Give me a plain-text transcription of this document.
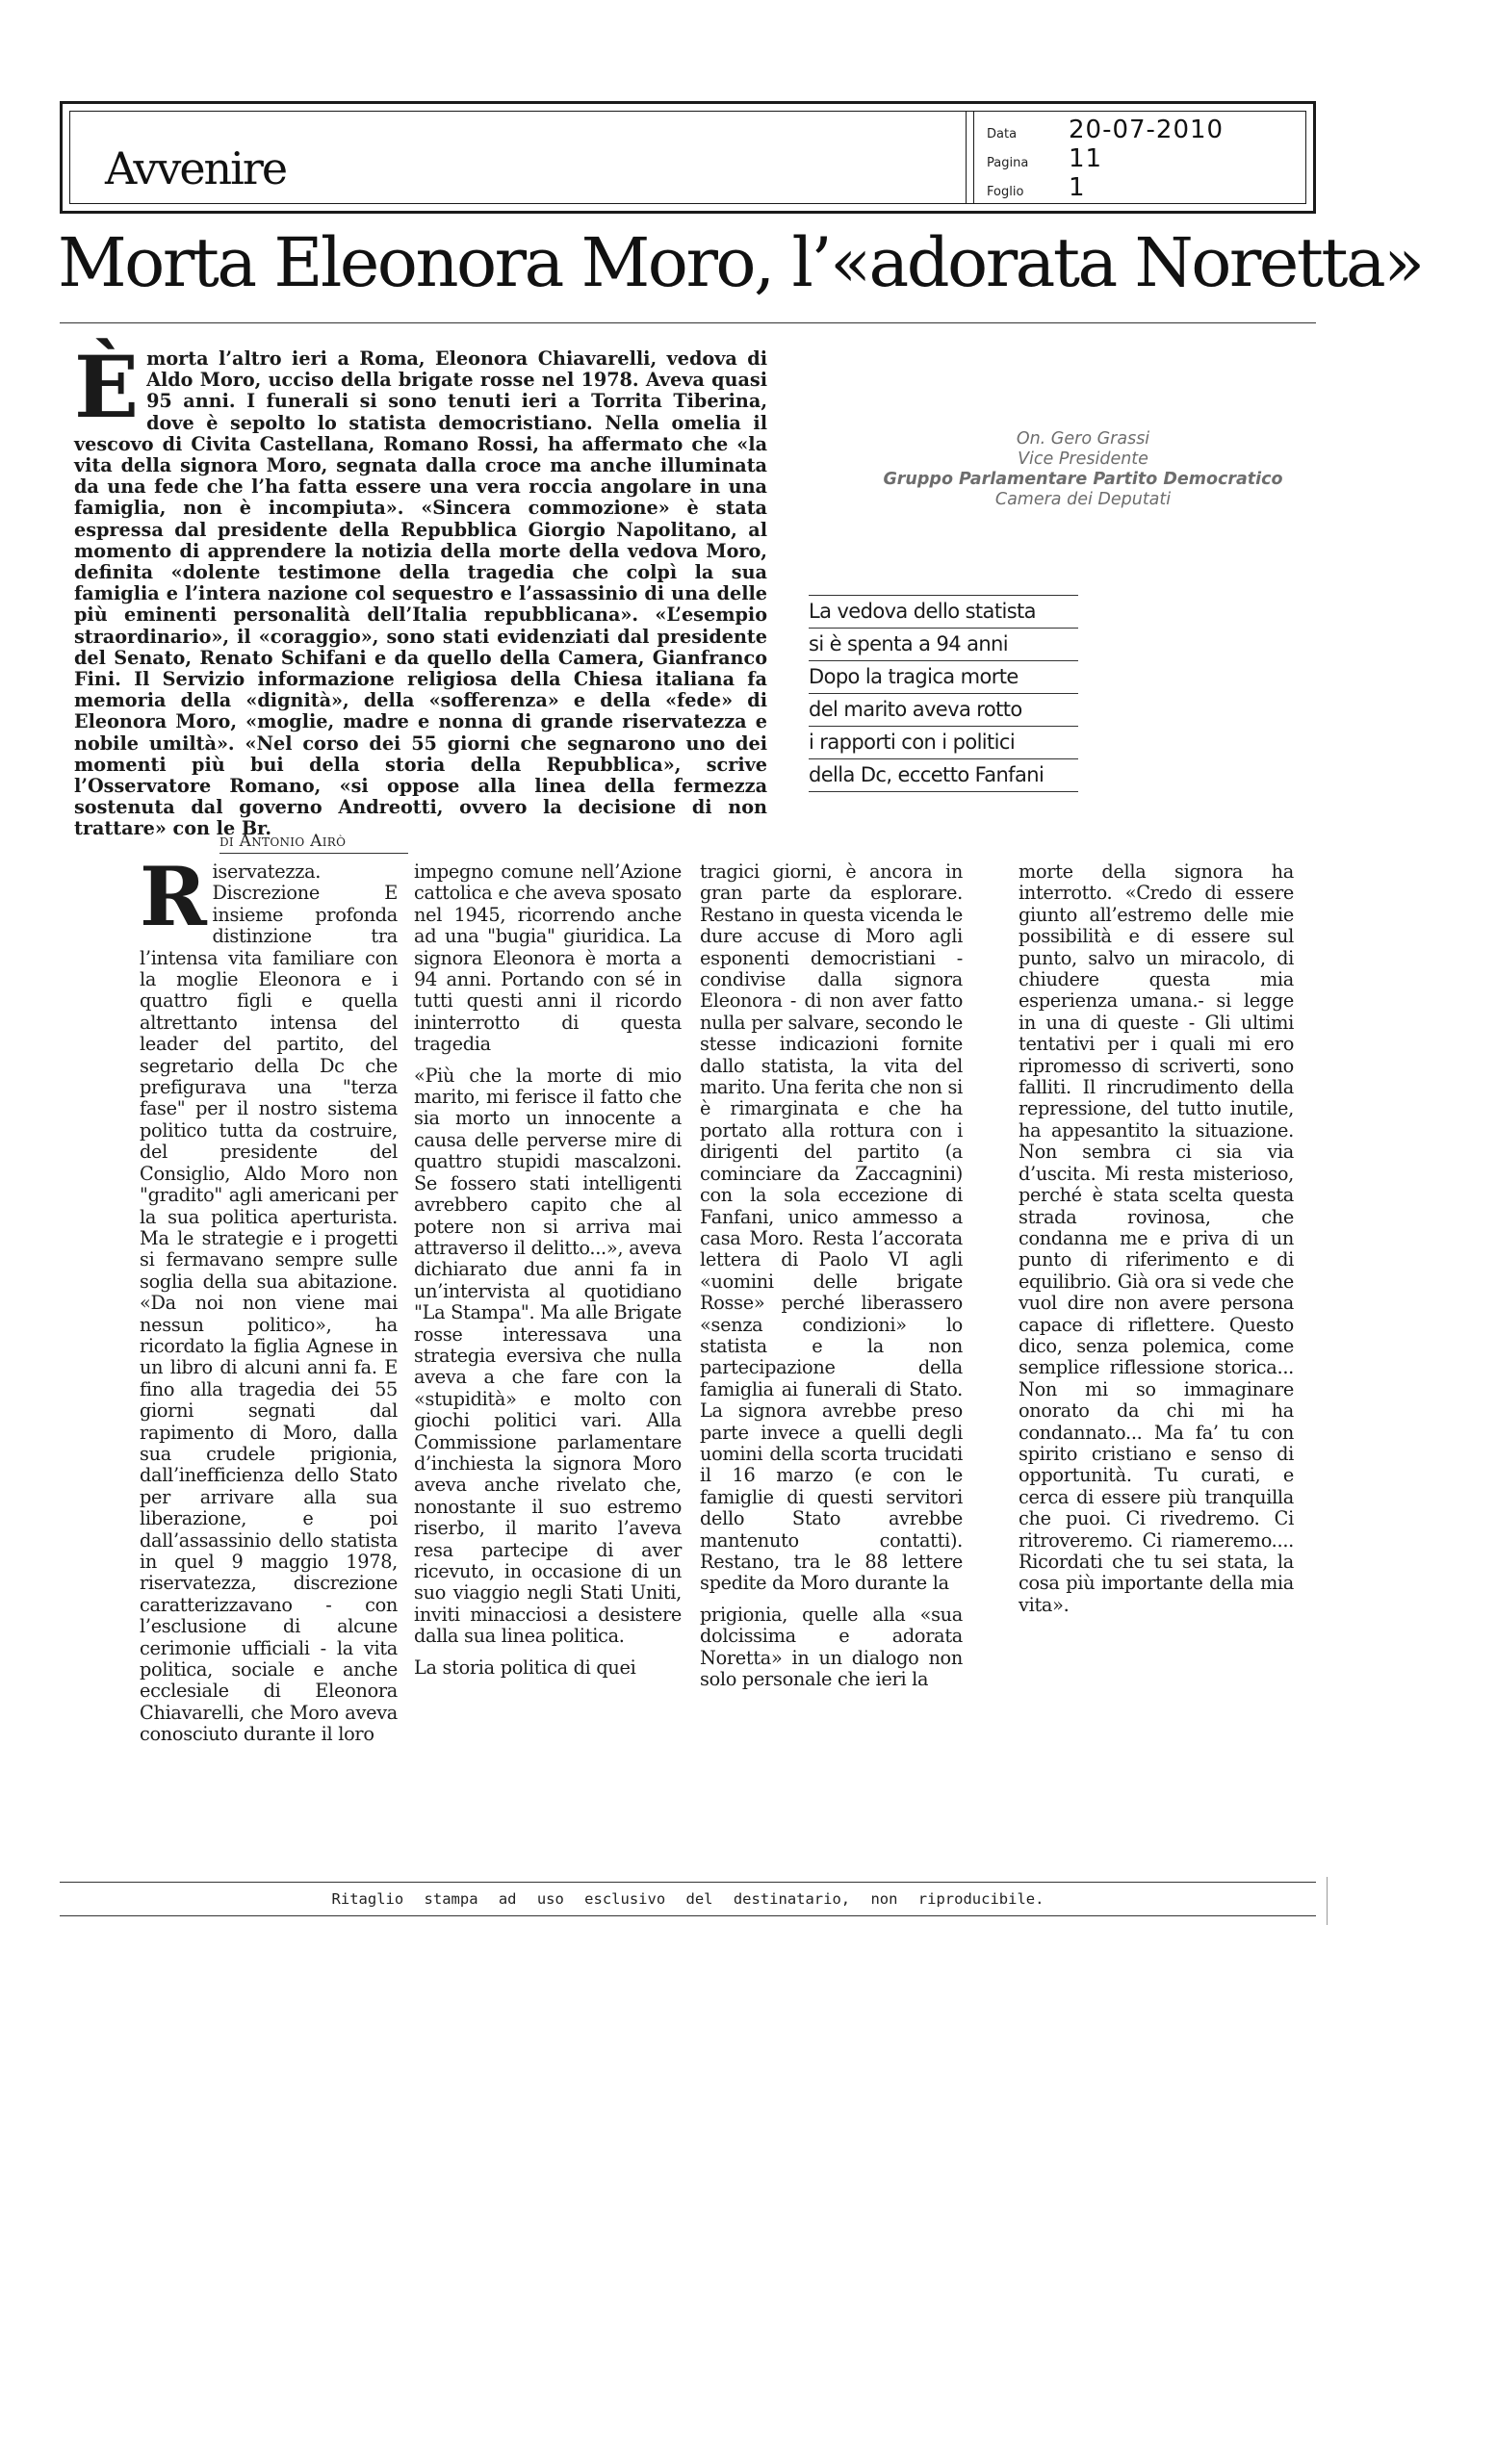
Avvenire
Data	20-07-2010
Pagina	11
Foglio	1
Morta Eleonora Moro, l’«adorata Noretta»
È morta l’altro ieri a Roma, Eleonora Chiavarelli, vedova di Aldo Moro, ucciso della brigate rosse nel 1978. Aveva quasi 95 anni. I funerali si sono tenuti ieri a Torrita Tiberina, dove è sepolto lo statista democristiano. Nella omelia il vescovo di Civita Castellana, Romano Rossi, ha affermato che «la vita della signora Moro, segnata dalla croce ma anche illuminata da una fede che l’ha fatta essere una vera roccia angolare in una famiglia, non è incompiuta». «Sincera commozione» è stata espressa dal presidente della Repubblica Giorgio Napolitano, al momento di apprendere la notizia della morte della vedova Moro, definita «dolente testimone della tragedia che colpì la sua famiglia e l’intera nazione col sequestro e l’assassinio di una delle più eminenti personalità dell’Italia repubblicana». «L’esempio straordinario», il «coraggio», sono stati evidenziati dal presidente del Senato, Renato Schifani e da quello della Camera, Gianfranco Fini. Il Servizio informazione religiosa della Chiesa italiana fa memoria della «dignità», della «sofferenza» e della «fede» di Eleonora Moro, «moglie, madre e nonna di grande riservatezza e nobile umiltà». «Nel corso dei 55 giorni che segnarono uno dei momenti più bui della storia della Repubblica», scrive l’Osservatore Romano, «si oppose alla linea della fermezza sostenuta dal governo Andreotti, ovvero la decisione di non trattare» con le Br.
On. Gero Grassi
Vice Presidente
Gruppo Parlamentare Partito Democratico
Camera dei Deputati
La vedova dello statista
si è spenta a 94 anni
Dopo la tragica morte
del marito aveva rotto
i rapporti con i politici
della Dc, eccetto Fanfani
di Antonio Airò

R iservatezza. Discrezione E insieme profonda distinzione tra l’intensa vita familiare con la moglie Eleonora e i quattro figli e quella altrettanto intensa del leader del partito, del segretario della Dc che prefigurava una "terza fase" per il nostro sistema politico tutta da costruire, del presidente del Consiglio, Aldo Moro non "gradito" agli americani per la sua politica aperturista. Ma le strategie e i progetti si fermavano sempre sulle soglia della sua abitazione. «Da noi non viene mai nessun politico», ha ricordato la figlia Agnese in un libro di alcuni anni fa. E fino alla tragedia dei 55 giorni segnati dal rapimento di Moro, dalla sua crudele prigionia, dall’inefficienza dello Stato per arrivare alla sua liberazione, e poi dall’assassinio dello statista in quel 9 maggio 1978, riservatezza, discrezione caratterizzavano - con l’esclusione di alcune cerimonie ufficiali - la vita politica, sociale e anche ecclesiale di Eleonora Chiavarelli, che Moro aveva conosciuto durante il loro

impegno comune nell’Azione cattolica e che aveva sposato nel 1945, ricorrendo anche ad una "bugia" giuridica. La signora Eleonora è morta a 94 anni. Portando con sé in tutti questi anni il ricordo ininterrotto di questa tragedia

«Più che la morte di mio marito, mi ferisce il fatto che sia morto un innocente a causa delle perverse mire di quattro stupidi mascalzoni. Se fossero stati intelligenti avrebbero capito che al potere non si arriva mai attraverso il delitto...», aveva dichiarato due anni fa in un’intervista al quotidiano "La Stampa". Ma alle Brigate rosse interessava una strategia eversiva che nulla aveva a che fare con la «stupidità» e molto con giochi politici vari. Alla Commissione parlamentare d’inchiesta la signora Moro aveva anche rivelato che, nonostante il suo estremo riserbo, il marito l’aveva resa partecipe di aver ricevuto, in occasione di un suo viaggio negli Stati Uniti, inviti minacciosi a desistere dalla sua linea politica.

La storia politica di quei

tragici giorni, è ancora in gran parte da esplorare. Restano in questa vicenda le dure accuse di Moro agli esponenti democristiani - condivise dalla signora Eleonora - di non aver fatto nulla per salvare, secondo le stesse indicazioni fornite dallo statista, la vita del marito. Una ferita che non si è rimarginata e che ha portato alla rottura con i dirigenti del partito (a cominciare da Zaccagnini) con la sola eccezione di Fanfani, unico ammesso a casa Moro. Resta l’accorata lettera di Paolo VI agli «uomini delle brigate Rosse» perché liberassero «senza condizioni» lo statista e la non partecipazione della famiglia ai funerali di Stato. La signora avrebbe preso parte invece a quelli degli uomini della scorta trucidati il 16 marzo (e con le famiglie di questi servitori dello Stato avrebbe mantenuto contatti). Restano, tra le 88 lettere spedite da Moro durante la

prigionia, quelle alla «sua dolcissima e adorata Noretta» in un dialogo non solo personale che ieri la

morte della signora ha interrotto. «Credo di essere giunto all’estremo delle mie possibilità e di essere sul punto, salvo un miracolo, di chiudere questa mia esperienza umana.- si legge in una di queste - Gli ultimi tentativi per i quali mi ero ripromesso di scriverti, sono falliti. Il rincrudimento della repressione, del tutto inutile, ha appesantito la situazione. Non sembra ci sia via d’uscita. Mi resta misterioso, perché è stata scelta questa strada rovinosa, che condanna me e priva di un punto di riferimento e di equilibrio. Già ora si vede che vuol dire non avere persona capace di riflettere. Questo dico, senza polemica, come semplice riflessione storica... Non mi so immaginare onorato da chi mi ha condannato... Ma fa’ tu con spirito cristiano e senso di opportunità. Tu curati, e cerca di essere più tranquilla che puoi. Ci rivedremo. Ci ritroveremo. Ci riameremo.... Ricordati che tu sei stata, la cosa più importante della mia vita».

Ritaglio stampa ad uso esclusivo del destinatario, non riproducibile.
